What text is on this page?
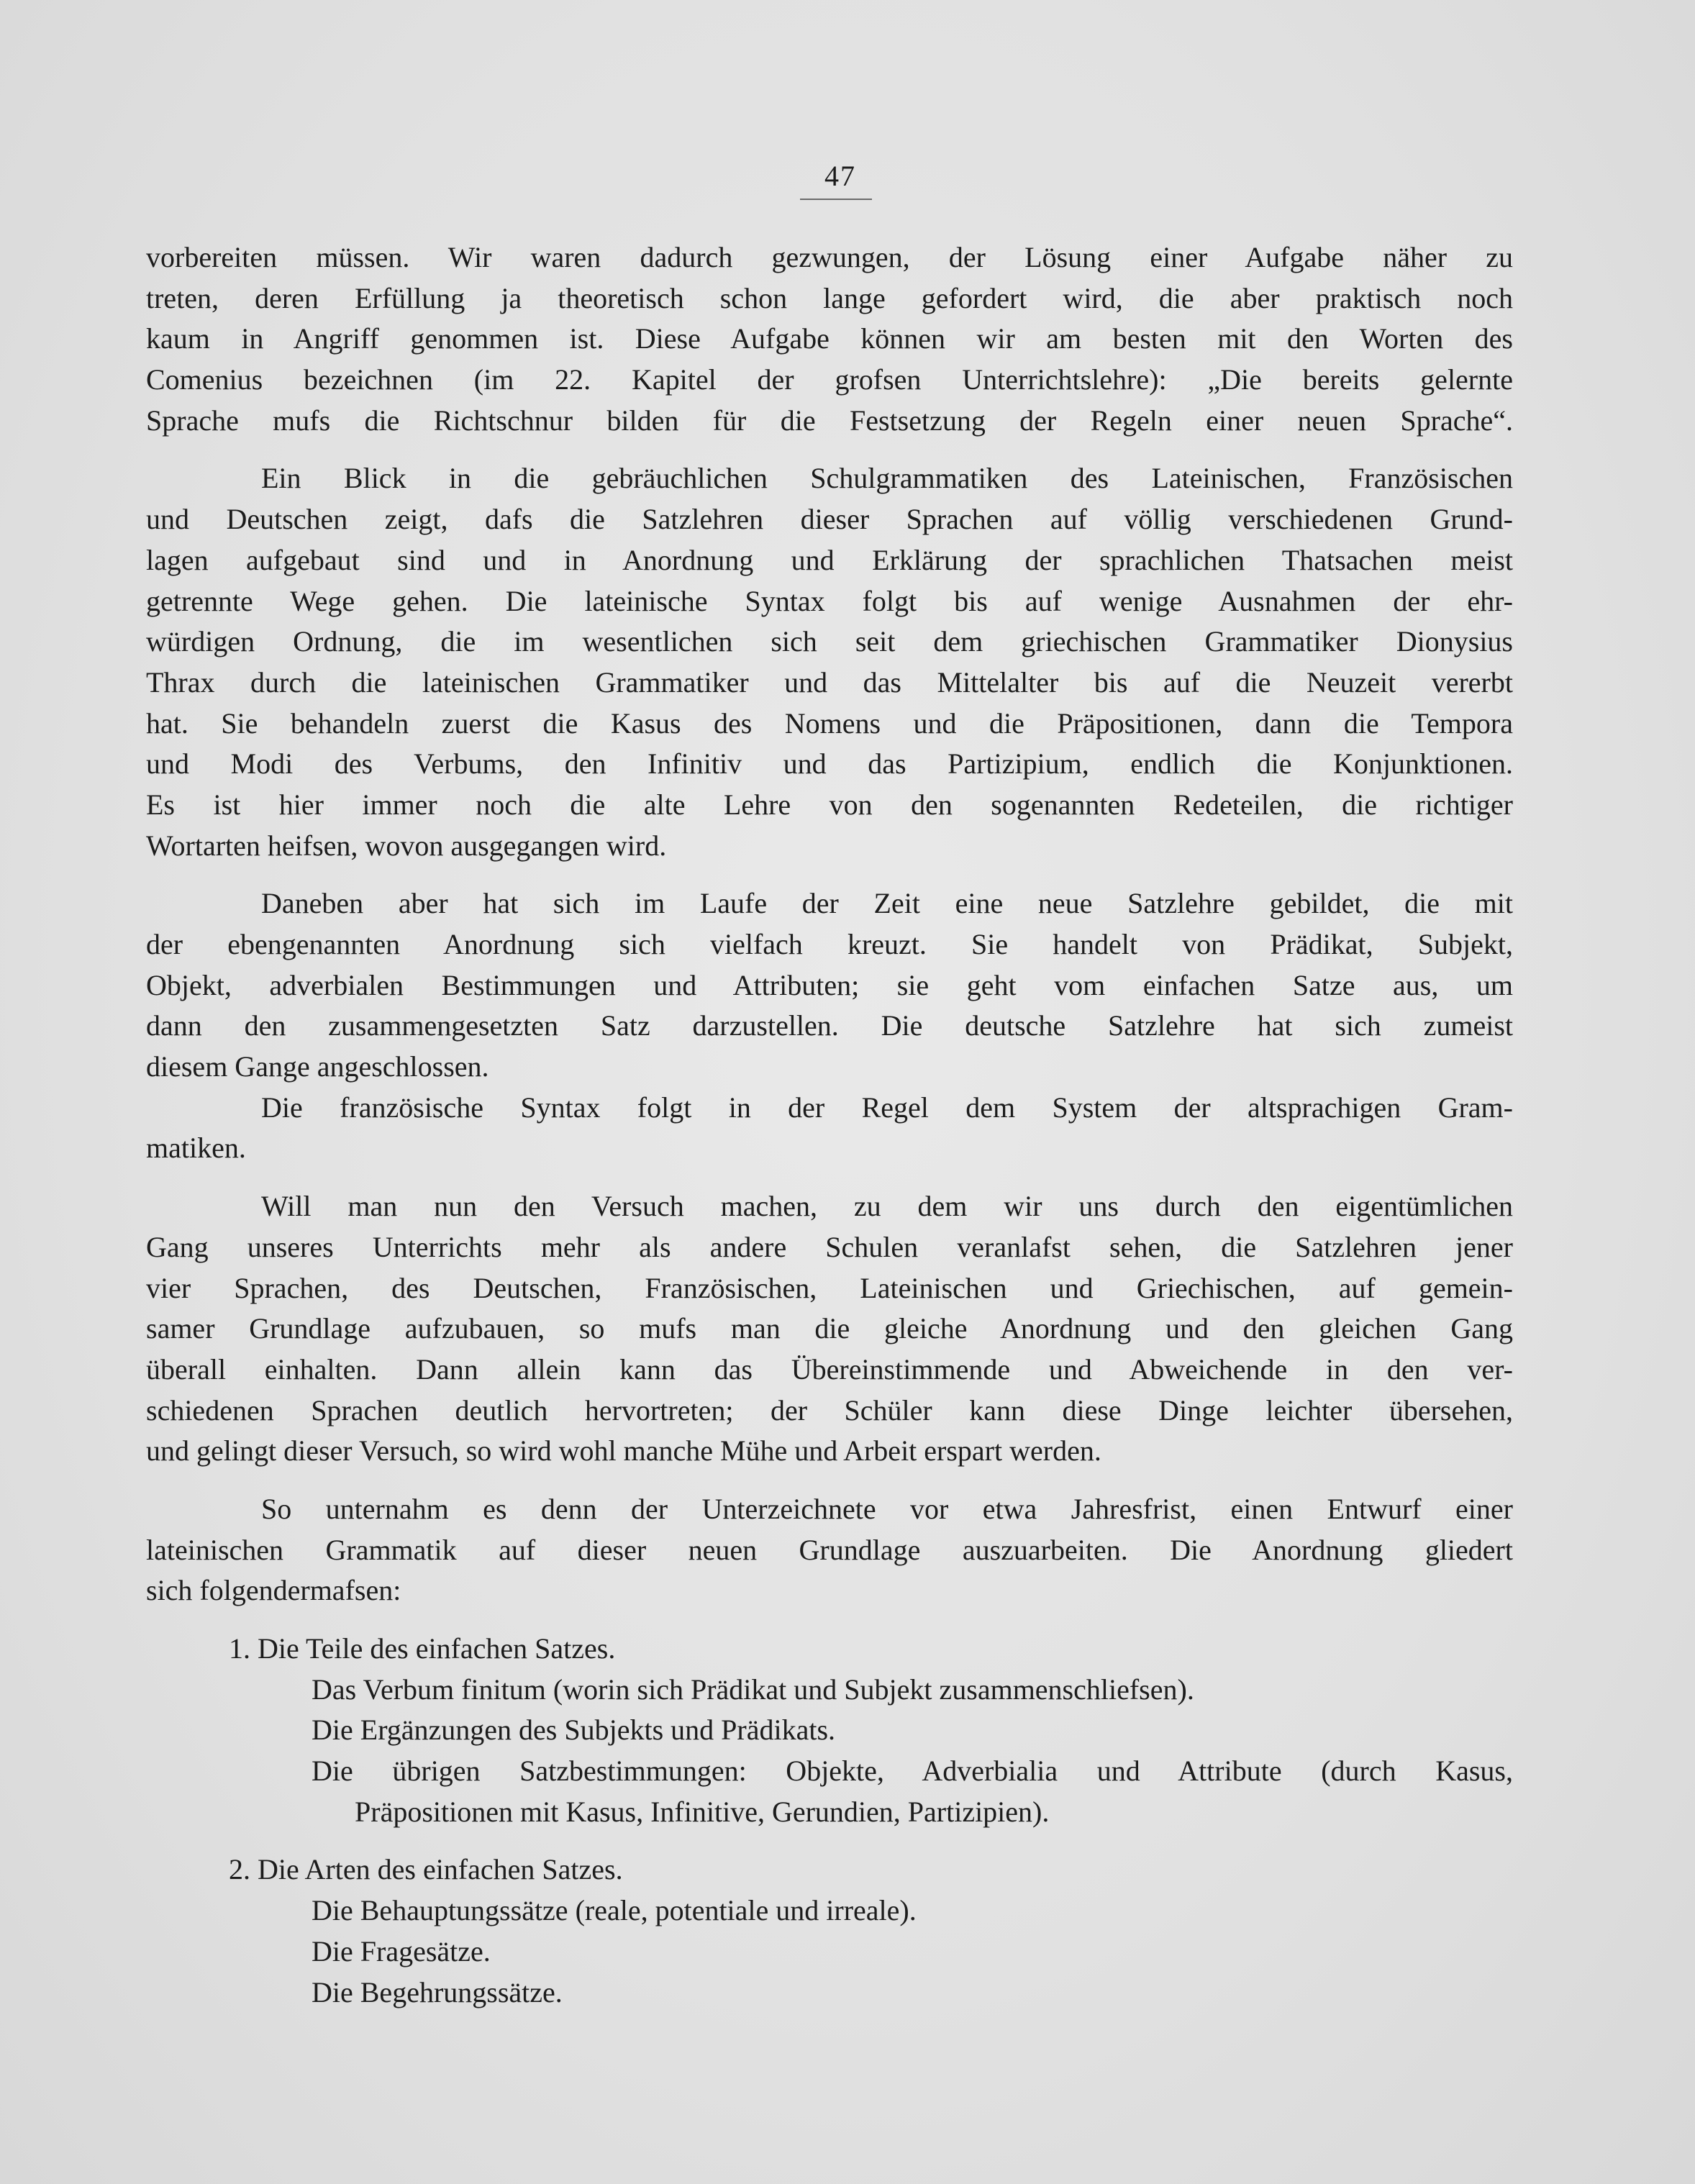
47
vorbereiten müssen. Wir waren dadurch gezwungen, der Lösung einer Aufgabe näher zu
treten, deren Erfüllung ja theoretisch schon lange gefordert wird, die aber praktisch noch
kaum in Angriff genommen ist. Diese Aufgabe können wir am besten mit den Worten des
Comenius bezeichnen (im 22. Kapitel der grofsen Unterrichtslehre): „Die bereits gelernte
Sprache mufs die Richtschnur bilden für die Festsetzung der Regeln einer neuen Sprache“.
Ein Blick in die gebräuchlichen Schulgrammatiken des Lateinischen, Französischen
und Deutschen zeigt, dafs die Satzlehren dieser Sprachen auf völlig verschiedenen Grund-
lagen aufgebaut sind und in Anordnung und Erklärung der sprachlichen Thatsachen meist
getrennte Wege gehen. Die lateinische Syntax folgt bis auf wenige Ausnahmen der ehr-
würdigen Ordnung, die im wesentlichen sich seit dem griechischen Grammatiker Dionysius
Thrax durch die lateinischen Grammatiker und das Mittelalter bis auf die Neuzeit vererbt
hat. Sie behandeln zuerst die Kasus des Nomens und die Präpositionen, dann die Tempora
und Modi des Verbums, den Infinitiv und das Partizipium, endlich die Konjunktionen.
Es ist hier immer noch die alte Lehre von den sogenannten Redeteilen, die richtiger
Wortarten heifsen, wovon ausgegangen wird.
Daneben aber hat sich im Laufe der Zeit eine neue Satzlehre gebildet, die mit
der ebengenannten Anordnung sich vielfach kreuzt. Sie handelt von Prädikat, Subjekt,
Objekt, adverbialen Bestimmungen und Attributen; sie geht vom einfachen Satze aus, um
dann den zusammengesetzten Satz darzustellen. Die deutsche Satzlehre hat sich zumeist
diesem Gange angeschlossen.
Die französische Syntax folgt in der Regel dem System der altsprachigen Gram-
matiken.
Will man nun den Versuch machen, zu dem wir uns durch den eigentümlichen
Gang unseres Unterrichts mehr als andere Schulen veranlafst sehen, die Satzlehren jener
vier Sprachen, des Deutschen, Französischen, Lateinischen und Griechischen, auf gemein-
samer Grundlage aufzubauen, so mufs man die gleiche Anordnung und den gleichen Gang
überall einhalten. Dann allein kann das Übereinstimmende und Abweichende in den ver-
schiedenen Sprachen deutlich hervortreten; der Schüler kann diese Dinge leichter übersehen,
und gelingt dieser Versuch, so wird wohl manche Mühe und Arbeit erspart werden.
So unternahm es denn der Unterzeichnete vor etwa Jahresfrist, einen Entwurf einer
lateinischen Grammatik auf dieser neuen Grundlage auszuarbeiten. Die Anordnung gliedert
sich folgendermafsen:
1. Die Teile des einfachen Satzes.
Das Verbum finitum (worin sich Prädikat und Subjekt zusammenschliefsen).
Die Ergänzungen des Subjekts und Prädikats.
Die übrigen Satzbestimmungen: Objekte, Adverbialia und Attribute (durch Kasus,
Präpositionen mit Kasus, Infinitive, Gerundien, Partizipien).
2. Die Arten des einfachen Satzes.
Die Behauptungssätze (reale, potentiale und irreale).
Die Fragesätze.
Die Begehrungssätze.
